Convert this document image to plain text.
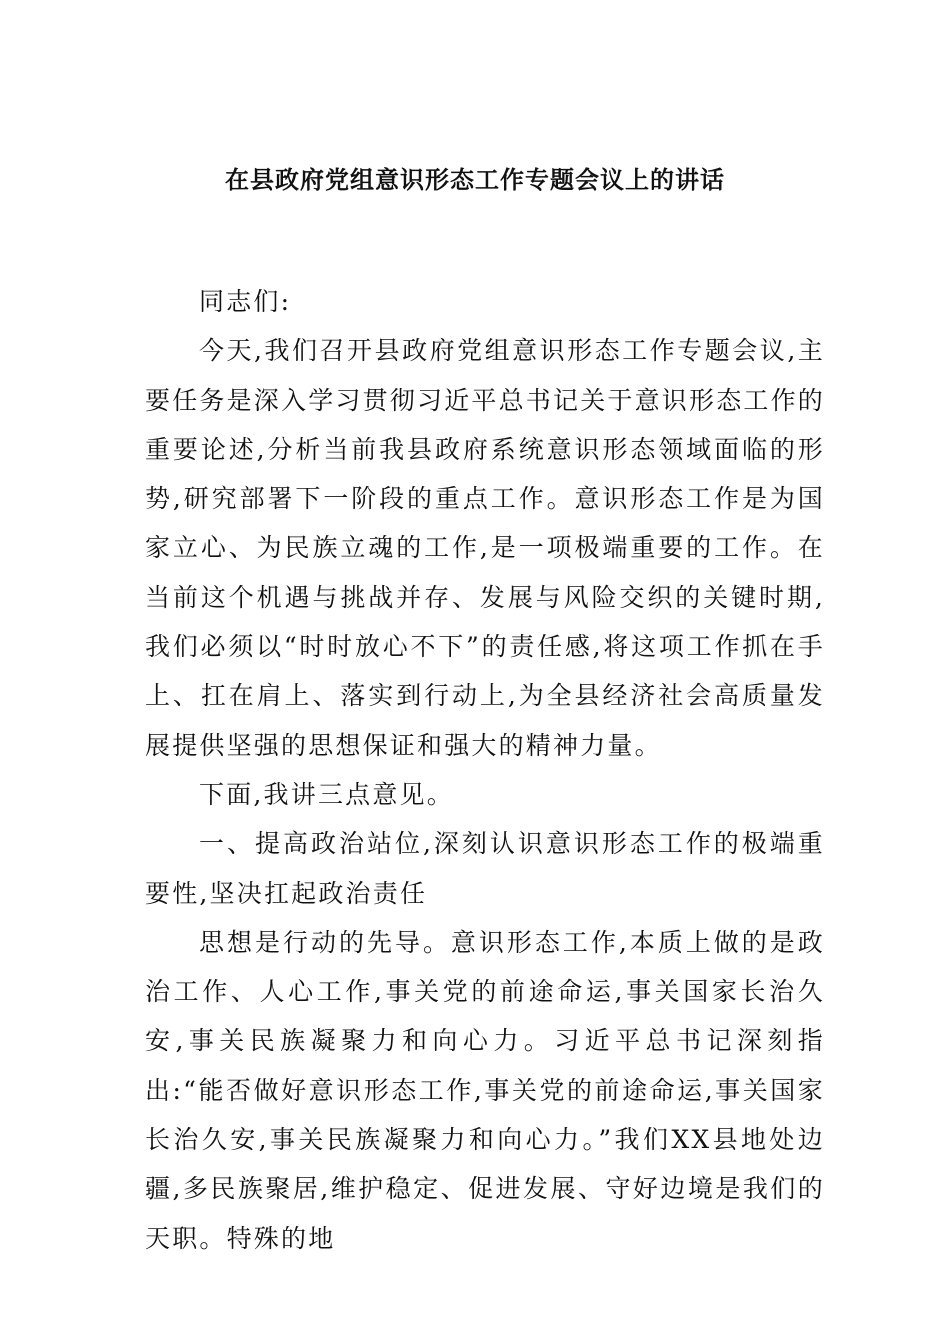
在县政府党组意识形态工作专题会议上的讲话

同志们:

今天,我们召开县政府党组意识形态工作专题会议,主要任务是深入学习贯彻习近平总书记关于意识形态工作的重要论述,分析当前我县政府系统意识形态领域面临的形势,研究部署下一阶段的重点工作。意识形态工作是为国家立心、为民族立魂的工作,是一项极端重要的工作。在当前这个机遇与挑战并存、发展与风险交织的关键时期,我们必须以“时时放心不下”的责任感,将这项工作抓在手上、扛在肩上、落实到行动上,为全县经济社会高质量发展提供坚强的思想保证和强大的精神力量。

下面,我讲三点意见。

一、提高政治站位,深刻认识意识形态工作的极端重要性,坚决扛起政治责任

思想是行动的先导。意识形态工作,本质上做的是政治工作、人心工作,事关党的前途命运,事关国家长治久安,事关民族凝聚力和向心力。习近平总书记深刻指出:“能否做好意识形态工作,事关党的前途命运,事关国家长治久安,事关民族凝聚力和向心力。”我们XX县地处边疆,多民族聚居,维护稳定、促进发展、守好边境是我们的天职。特殊的地
